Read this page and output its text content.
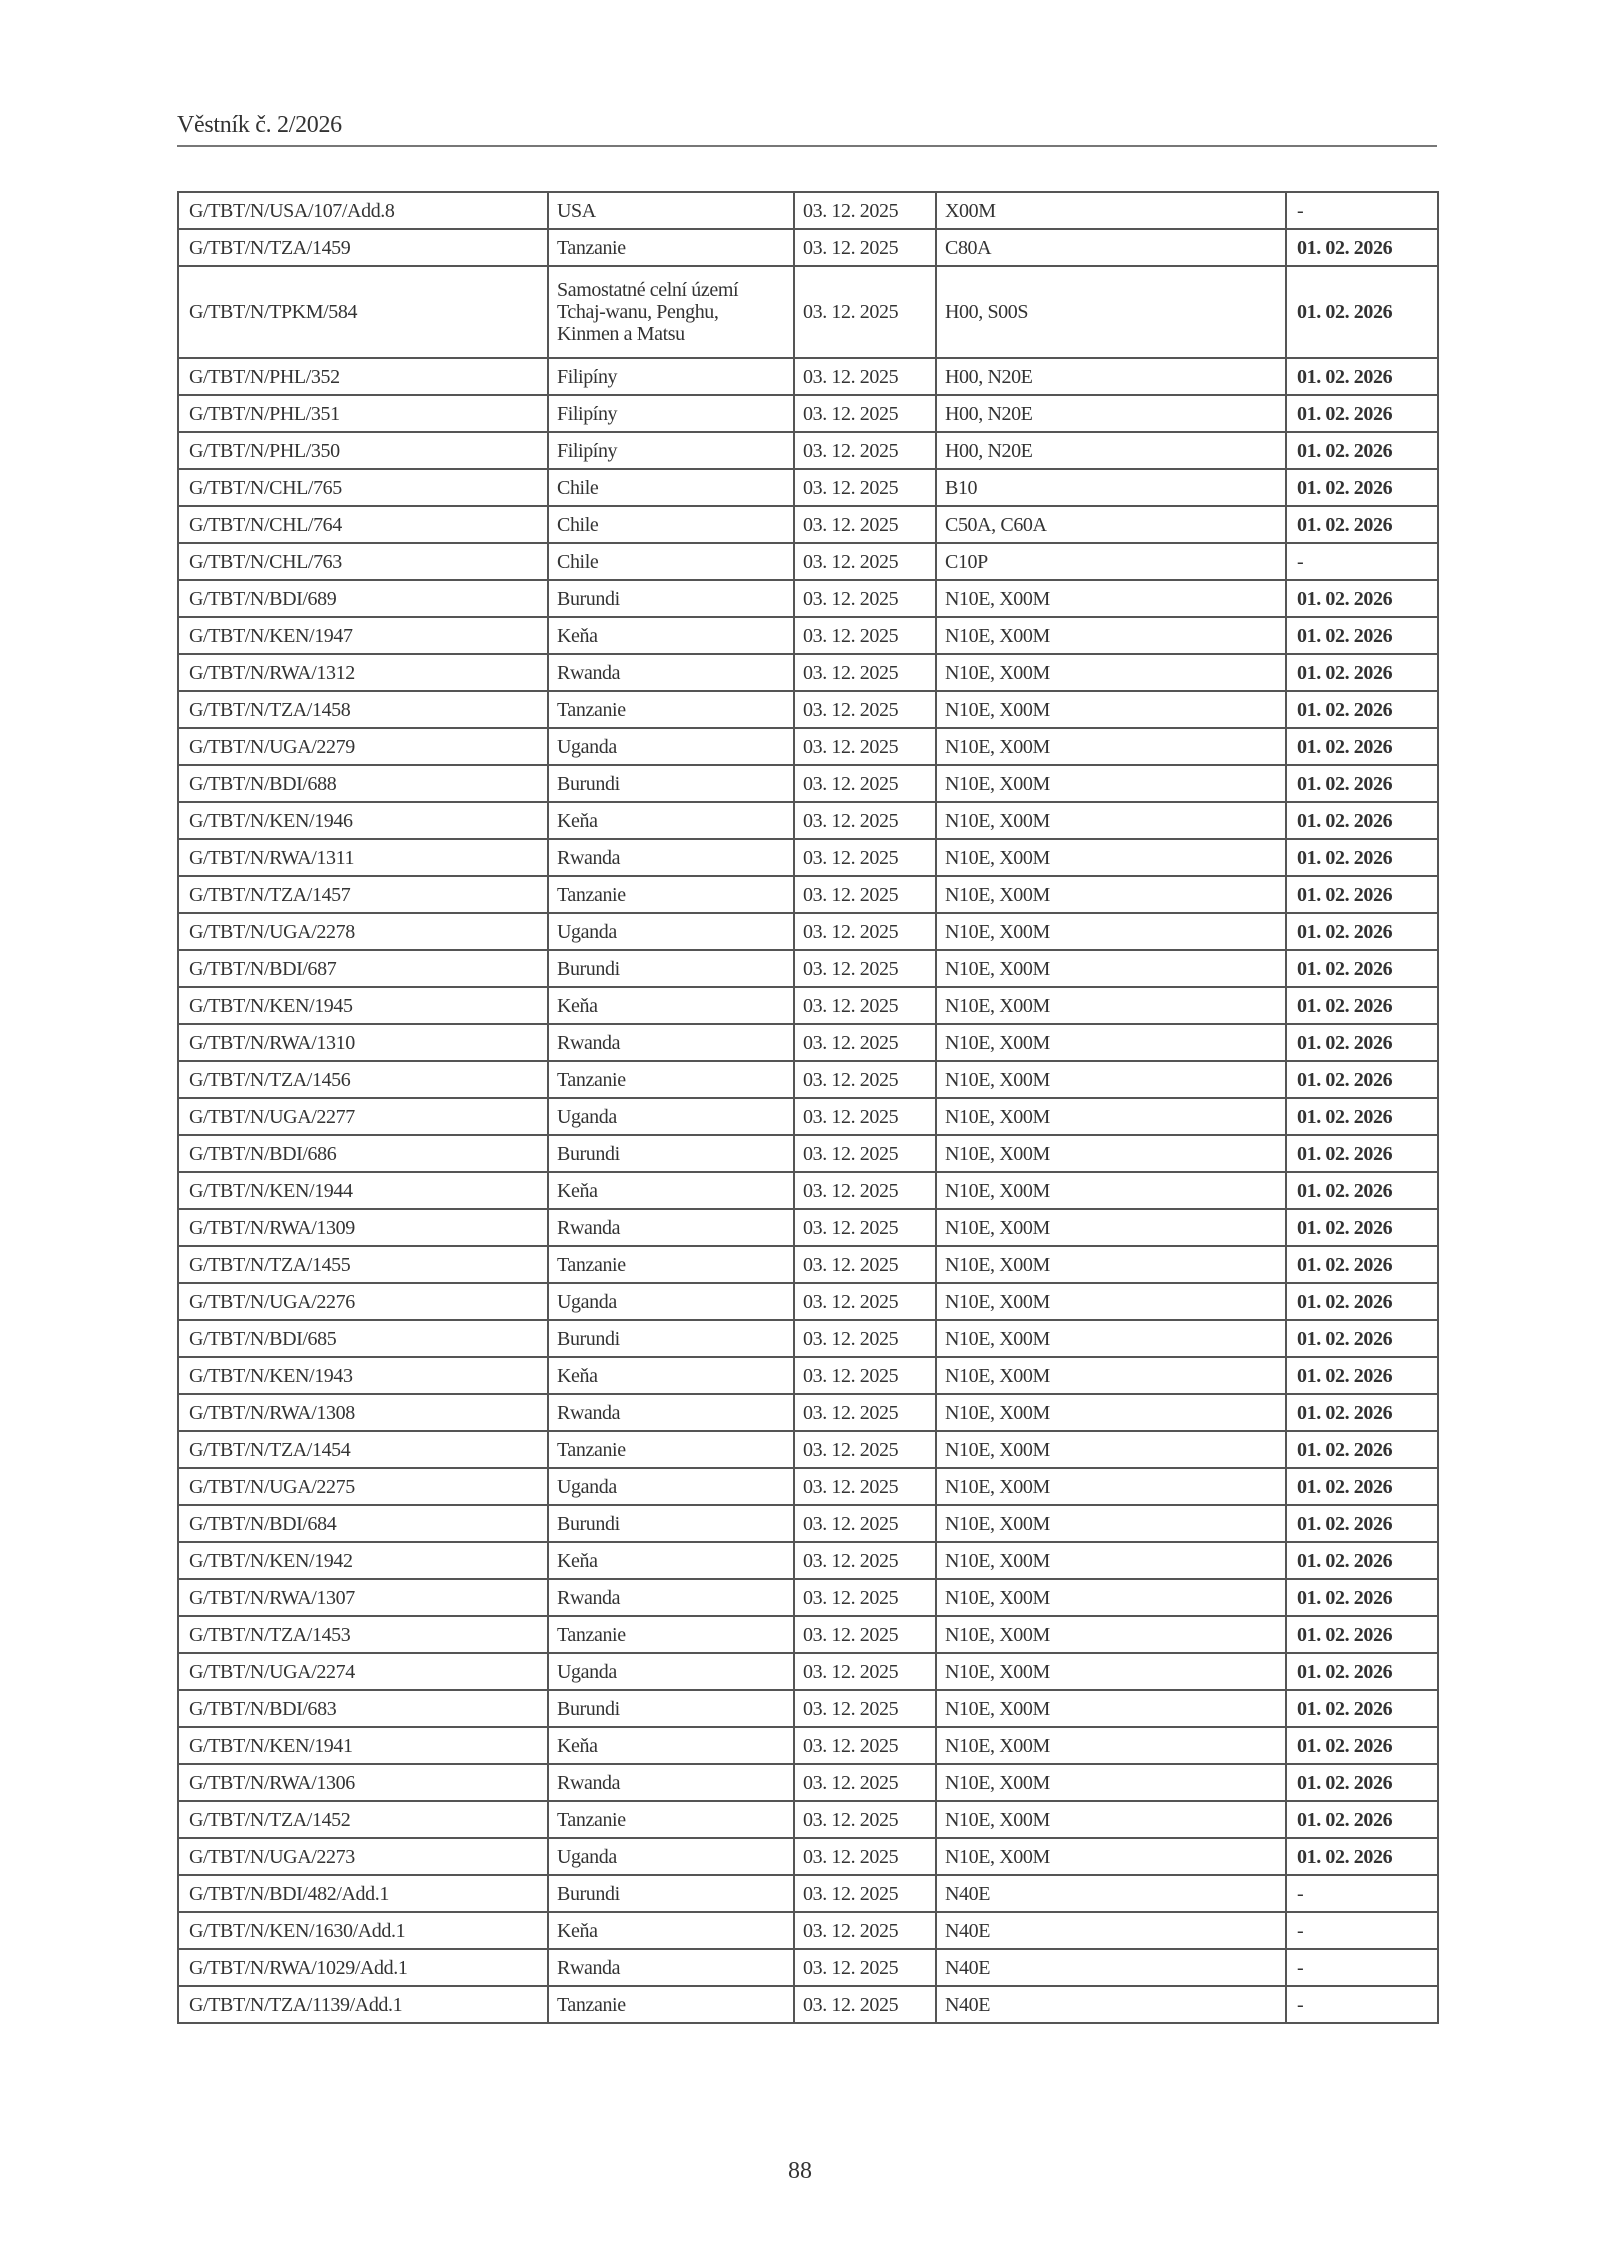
Věstník č. 2/2026
G/TBT/N/USA/107/Add.8	USA	03. 12. 2025	X00M	-
G/TBT/N/TZA/1459	Tanzanie	03. 12. 2025	C80A	01. 02. 2026
G/TBT/N/TPKM/584	Samostatné celní území Tchaj-wanu, Penghu, Kinmen a Matsu	03. 12. 2025	H00, S00S	01. 02. 2026
G/TBT/N/PHL/352	Filipíny	03. 12. 2025	H00, N20E	01. 02. 2026
G/TBT/N/PHL/351	Filipíny	03. 12. 2025	H00, N20E	01. 02. 2026
G/TBT/N/PHL/350	Filipíny	03. 12. 2025	H00, N20E	01. 02. 2026
G/TBT/N/CHL/765	Chile	03. 12. 2025	B10	01. 02. 2026
G/TBT/N/CHL/764	Chile	03. 12. 2025	C50A, C60A	01. 02. 2026
G/TBT/N/CHL/763	Chile	03. 12. 2025	C10P	-
G/TBT/N/BDI/689	Burundi	03. 12. 2025	N10E, X00M	01. 02. 2026
G/TBT/N/KEN/1947	Keňa	03. 12. 2025	N10E, X00M	01. 02. 2026
G/TBT/N/RWA/1312	Rwanda	03. 12. 2025	N10E, X00M	01. 02. 2026
G/TBT/N/TZA/1458	Tanzanie	03. 12. 2025	N10E, X00M	01. 02. 2026
G/TBT/N/UGA/2279	Uganda	03. 12. 2025	N10E, X00M	01. 02. 2026
G/TBT/N/BDI/688	Burundi	03. 12. 2025	N10E, X00M	01. 02. 2026
G/TBT/N/KEN/1946	Keňa	03. 12. 2025	N10E, X00M	01. 02. 2026
G/TBT/N/RWA/1311	Rwanda	03. 12. 2025	N10E, X00M	01. 02. 2026
G/TBT/N/TZA/1457	Tanzanie	03. 12. 2025	N10E, X00M	01. 02. 2026
G/TBT/N/UGA/2278	Uganda	03. 12. 2025	N10E, X00M	01. 02. 2026
G/TBT/N/BDI/687	Burundi	03. 12. 2025	N10E, X00M	01. 02. 2026
G/TBT/N/KEN/1945	Keňa	03. 12. 2025	N10E, X00M	01. 02. 2026
G/TBT/N/RWA/1310	Rwanda	03. 12. 2025	N10E, X00M	01. 02. 2026
G/TBT/N/TZA/1456	Tanzanie	03. 12. 2025	N10E, X00M	01. 02. 2026
G/TBT/N/UGA/2277	Uganda	03. 12. 2025	N10E, X00M	01. 02. 2026
G/TBT/N/BDI/686	Burundi	03. 12. 2025	N10E, X00M	01. 02. 2026
G/TBT/N/KEN/1944	Keňa	03. 12. 2025	N10E, X00M	01. 02. 2026
G/TBT/N/RWA/1309	Rwanda	03. 12. 2025	N10E, X00M	01. 02. 2026
G/TBT/N/TZA/1455	Tanzanie	03. 12. 2025	N10E, X00M	01. 02. 2026
G/TBT/N/UGA/2276	Uganda	03. 12. 2025	N10E, X00M	01. 02. 2026
G/TBT/N/BDI/685	Burundi	03. 12. 2025	N10E, X00M	01. 02. 2026
G/TBT/N/KEN/1943	Keňa	03. 12. 2025	N10E, X00M	01. 02. 2026
G/TBT/N/RWA/1308	Rwanda	03. 12. 2025	N10E, X00M	01. 02. 2026
G/TBT/N/TZA/1454	Tanzanie	03. 12. 2025	N10E, X00M	01. 02. 2026
G/TBT/N/UGA/2275	Uganda	03. 12. 2025	N10E, X00M	01. 02. 2026
G/TBT/N/BDI/684	Burundi	03. 12. 2025	N10E, X00M	01. 02. 2026
G/TBT/N/KEN/1942	Keňa	03. 12. 2025	N10E, X00M	01. 02. 2026
G/TBT/N/RWA/1307	Rwanda	03. 12. 2025	N10E, X00M	01. 02. 2026
G/TBT/N/TZA/1453	Tanzanie	03. 12. 2025	N10E, X00M	01. 02. 2026
G/TBT/N/UGA/2274	Uganda	03. 12. 2025	N10E, X00M	01. 02. 2026
G/TBT/N/BDI/683	Burundi	03. 12. 2025	N10E, X00M	01. 02. 2026
G/TBT/N/KEN/1941	Keňa	03. 12. 2025	N10E, X00M	01. 02. 2026
G/TBT/N/RWA/1306	Rwanda	03. 12. 2025	N10E, X00M	01. 02. 2026
G/TBT/N/TZA/1452	Tanzanie	03. 12. 2025	N10E, X00M	01. 02. 2026
G/TBT/N/UGA/2273	Uganda	03. 12. 2025	N10E, X00M	01. 02. 2026
G/TBT/N/BDI/482/Add.1	Burundi	03. 12. 2025	N40E	-
G/TBT/N/KEN/1630/Add.1	Keňa	03. 12. 2025	N40E	-
G/TBT/N/RWA/1029/Add.1	Rwanda	03. 12. 2025	N40E	-
G/TBT/N/TZA/1139/Add.1	Tanzanie	03. 12. 2025	N40E	-
88
